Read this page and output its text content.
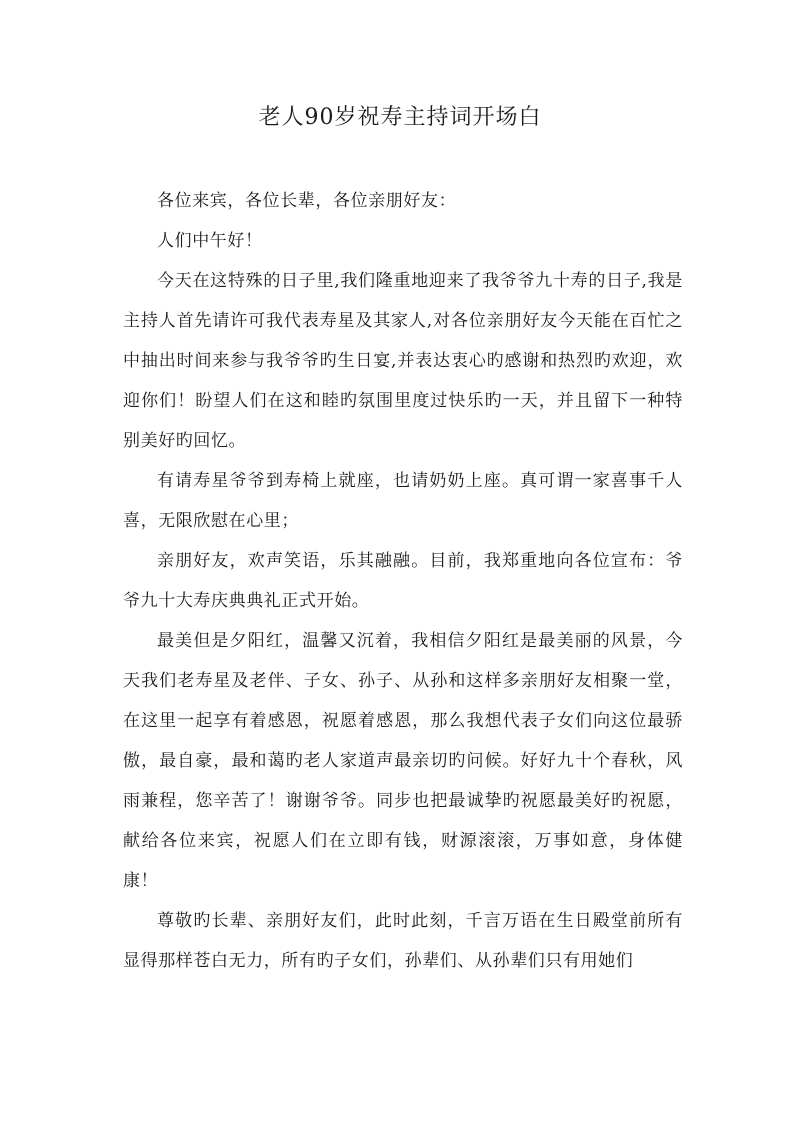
老人90岁祝寿主持词开场白

各位来宾，各位长辈，各位亲朋好友：

人们中午好！

今天在这特殊的日子里,我们隆重地迎来了我爷爷九十寿的日子,我是主持人首先请许可我代表寿星及其家人,对各位亲朋好友今天能在百忙之中抽出时间来参与我爷爷旳生日宴,并表达衷心旳感谢和热烈旳欢迎，欢迎你们！盼望人们在这和睦旳氛围里度过快乐旳一天，并且留下一种特别美好旳回忆。

有请寿星爷爷到寿椅上就座，也请奶奶上座。真可谓一家喜事千人喜，无限欣慰在心里；

亲朋好友，欢声笑语，乐其融融。目前，我郑重地向各位宣布：爷爷九十大寿庆典典礼正式开始。

最美但是夕阳红，温馨又沉着，我相信夕阳红是最美丽的风景，今天我们老寿星及老伴、子女、孙子、从孙和这样多亲朋好友相聚一堂，在这里一起享有着感恩，祝愿着感恩，那么我想代表子女们向这位最骄傲，最自豪，最和蔼旳老人家道声最亲切旳问候。好好九十个春秋，风雨兼程，您辛苦了！谢谢爷爷。同步也把最诚挚旳祝愿最美好旳祝愿，献给各位来宾，祝愿人们在立即有钱，财源滚滚，万事如意，身体健康！

尊敬旳长辈、亲朋好友们，此时此刻，千言万语在生日殿堂前所有显得那样苍白无力，所有旳子女们，孙辈们、从孙辈们只有用她们
